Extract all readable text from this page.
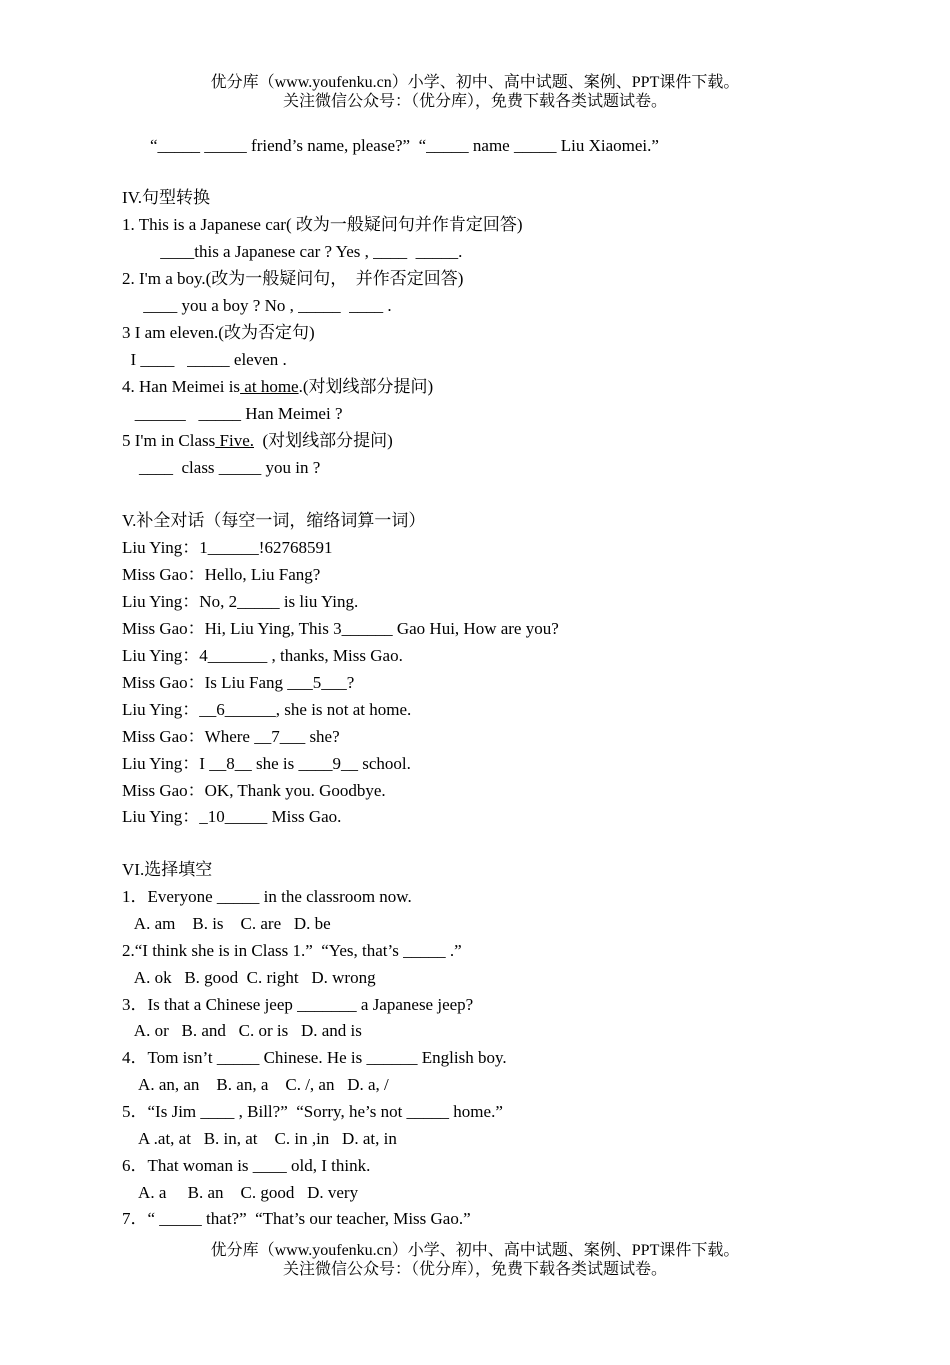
优分库（www.youfenku.cn）小学、初中、高中试题、案例、PPT课件下载。
关注微信公众号：（优分库），免费下载各类试题试卷。
“_____ _____ friend’s name, please?”  “_____ name _____ Liu Xiaomei.”
IV.句型转换
1. This is a Japanese car( 改为一般疑问句并作肯定回答)
____this a Japanese car ? Yes , ____  _____.
2. I'm a boy.(改为一般疑问句，  并作否定回答)
____ you a boy ? No , _____  ____ .
3 I am eleven.(改为否定句)
I ____   _____ eleven .
4. Han Meimei is at home.(对划线部分提问)
______   _____ Han Meimei ?
5 I'm in Class Five.  (对划线部分提问)
____  class _____ you in ?
V.补全对话（每空一词，缩络词算一词）
Liu Ying：1______!62768591
Miss Gao：Hello, Liu Fang?
Liu Ying：No, 2_____ is liu Ying.
Miss Gao：Hi, Liu Ying, This 3______ Gao Hui, How are you?
Liu Ying：4_______ , thanks, Miss Gao.
Miss Gao：Is Liu Fang ___5___?
Liu Ying：__6______, she is not at home.
Miss Gao：Where __7___ she?
Liu Ying：I __8__ she is ____9__ school.
Miss Gao：OK, Thank you. Goodbye.
Liu Ying：_10_____ Miss Gao.
VI.选择填空
1．Everyone _____ in the classroom now.
A. am    B. is    C. are   D. be
2.“I think she is in Class 1.”  “Yes, that’s _____ .”
A. ok   B. good  C. right   D. wrong
3．Is that a Chinese jeep _______ a Japanese jeep?
A. or   B. and   C. or is   D. and is
4．Tom isn’t _____ Chinese. He is ______ English boy.
A. an, an    B. an, a    C. /, an   D. a, /
5．“Is Jim ____ , Bill?”  “Sorry, he’s not _____ home.”
A .at, at   B. in, at    C. in ,in   D. at, in
6．That woman is ____ old, I think.
A. a     B. an    C. good   D. very
7．“ _____ that?”  “That’s our teacher, Miss Gao.”
优分库（www.youfenku.cn）小学、初中、高中试题、案例、PPT课件下载。
关注微信公众号：（优分库），免费下载各类试题试卷。
